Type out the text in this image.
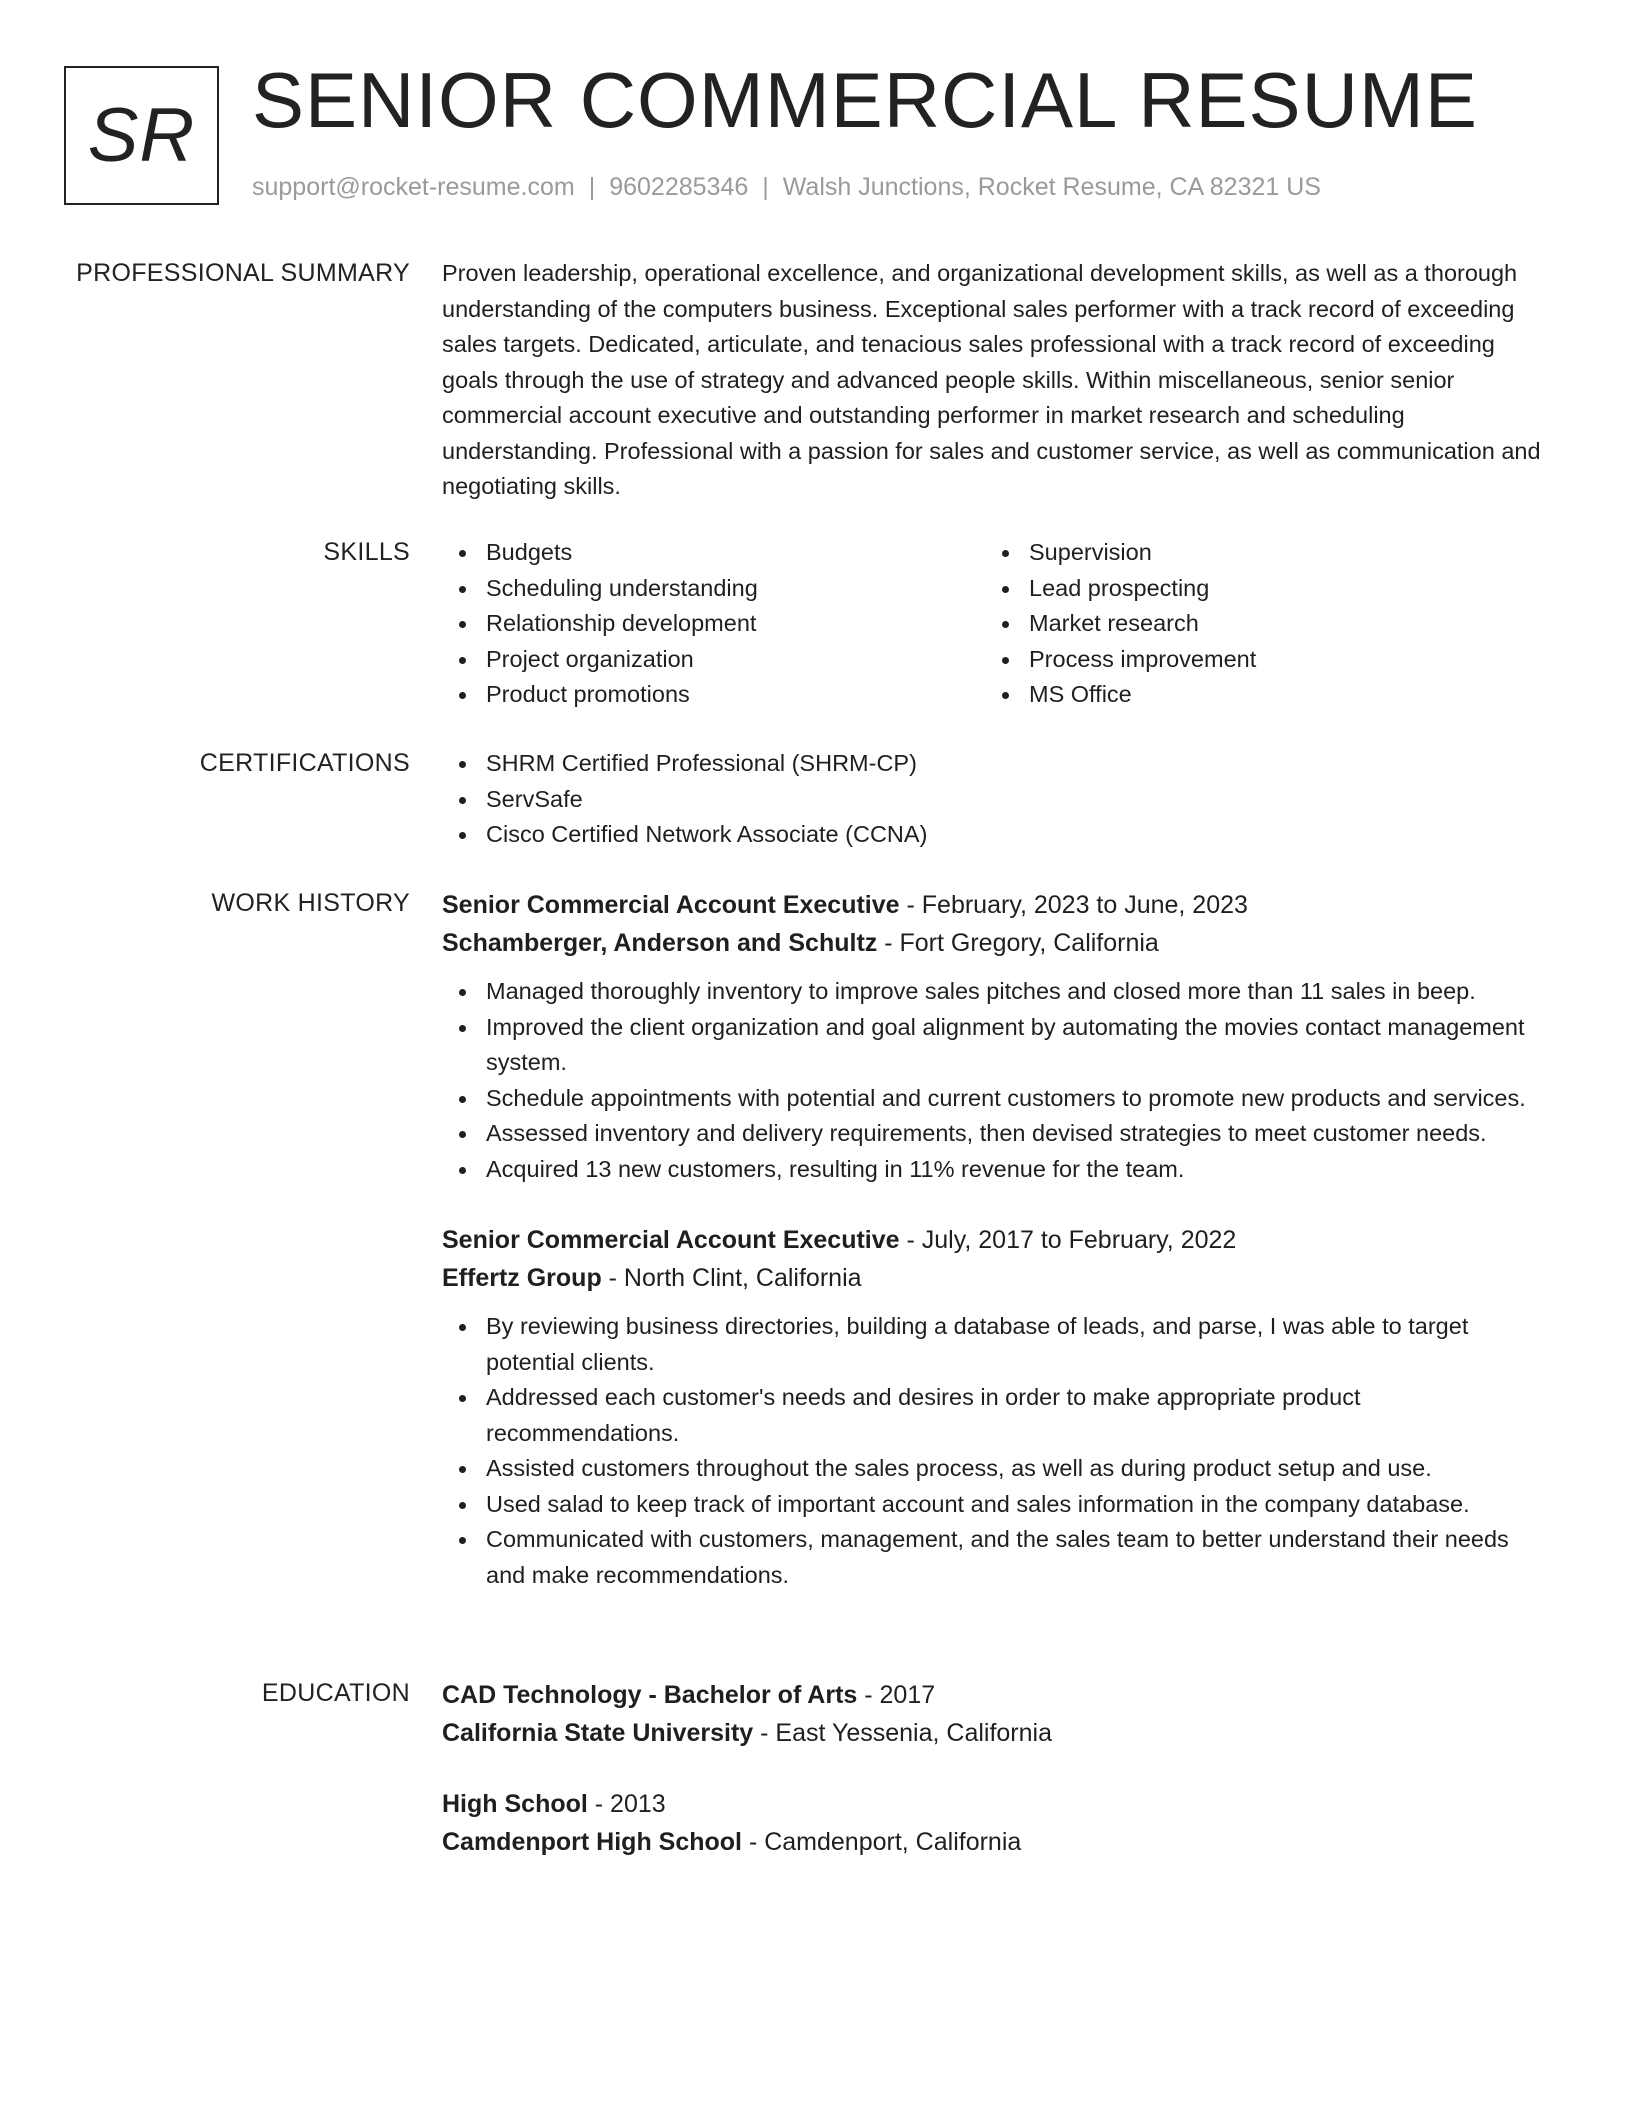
SR SENIOR COMMERCIAL RESUME
support@rocket-resume.com | 9602285346 | Walsh Junctions, Rocket Resume, CA 82321 US
PROFESSIONAL SUMMARY Proven leadership, operational excellence, and organizational development skills, as well as a thorough understanding of the computers business. Exceptional sales performer with a track record of exceeding sales targets. Dedicated, articulate, and tenacious sales professional with a track record of exceeding goals through the use of strategy and advanced people skills. Within miscellaneous, senior senior commercial account executive and outstanding performer in market research and scheduling understanding. Professional with a passion for sales and customer service, as well as communication and negotiating skills.

SKILLS	Budgets
Scheduling understanding
Relationship development
Project organization
Product promotions
Supervision
Lead prospecting
Market research
Process improvement
MS Office
CERTIFICATIONS	SHRM Certified Professional (SHRM-CP)
ServSafe
Cisco Certified Network Associate (CCNA)
WORK HISTORY Senior Commercial Account Executive - February, 2023 to June, 2023
Schamberger, Anderson and Schultz - Fort Gregory, California
Managed thoroughly inventory to improve sales pitches and closed more than 11 sales in beep.
Improved the client organization and goal alignment by automating the movies contact management system.
Schedule appointments with potential and current customers to promote new products and services.
Assessed inventory and delivery requirements, then devised strategies to meet customer needs.
Acquired 13 new customers, resulting in 11% revenue for the team.
Senior Commercial Account Executive - July, 2017 to February, 2022
Effertz Group - North Clint, California
By reviewing business directories, building a database of leads, and parse, I was able to target potential clients.
Addressed each customer's needs and desires in order to make appropriate product recommendations.
Assisted customers throughout the sales process, as well as during product setup and use.
Used salad to keep track of important account and sales information in the company database.
Communicated with customers, management, and the sales team to better understand their needs and make recommendations.
EDUCATION CAD Technology - Bachelor of Arts - 2017
California State University - East Yessenia, California
High School - 2013
Camdenport High School - Camdenport, California
